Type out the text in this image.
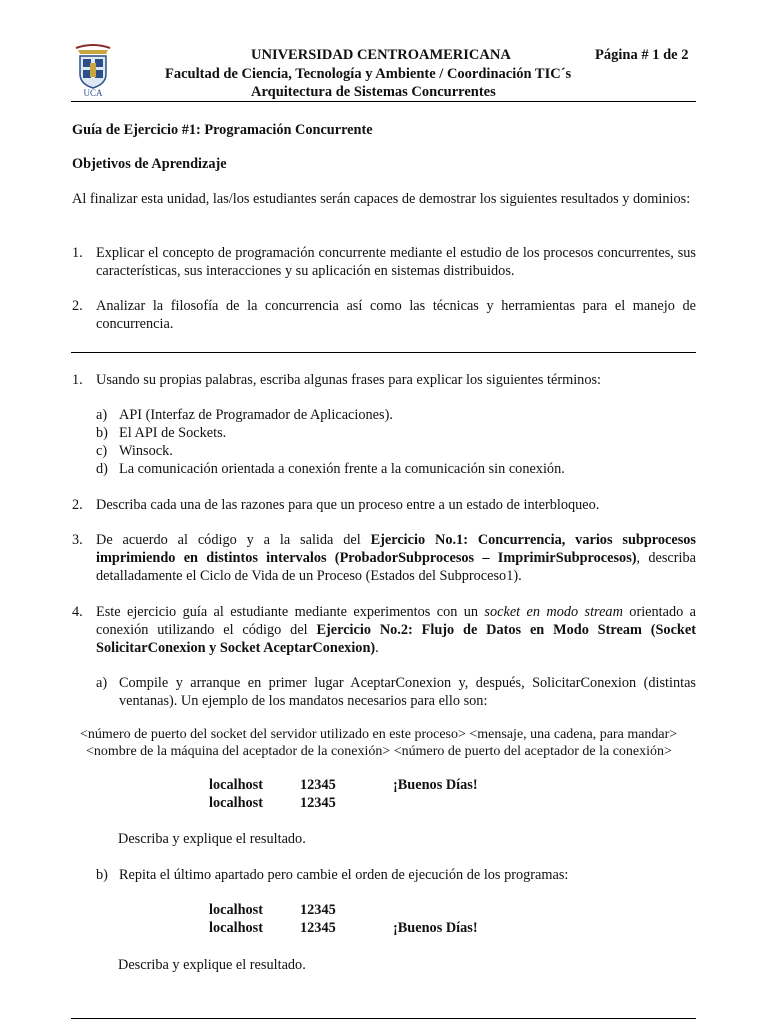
UCA
UNIVERSIDAD CENTROAMERICANA	Página # 1 de 2
Facultad de Ciencia, Tecnología y Ambiente / Coordinación TIC´s
Arquitectura de Sistemas Concurrentes
Guía de Ejercicio #1: Programación Concurrente
Objetivos de Aprendizaje
Al finalizar esta unidad, las/los estudiantes serán capaces de demostrar los siguientes resultados y dominios:
1. Explicar el concepto de programación concurrente mediante el estudio de los procesos concurrentes, sus características, sus interacciones y su aplicación en sistemas distribuidos.
2. Analizar la filosofía de la concurrencia así como las técnicas y herramientas para el manejo de concurrencia.
1. Usando su propias palabras, escriba algunas frases para explicar los siguientes términos:
a) API (Interfaz de Programador de Aplicaciones).
b) El API de Sockets.
c) Winsock.
d) La comunicación orientada a conexión frente a la comunicación sin conexión.
2. Describa cada una de las razones para que un proceso entre a un estado de interbloqueo.
3. De acuerdo al código y a la salida del Ejercicio No.1: Concurrencia, varios subprocesos imprimiendo en distintos intervalos (ProbadorSubprocesos – ImprimirSubprocesos), describa detalladamente el Ciclo de Vida de un Proceso (Estados del Subproceso1).
4. Este ejercicio guía al estudiante mediante experimentos con un socket en modo stream orientado a conexión utilizando el código del Ejercicio No.2: Flujo de Datos en Modo Stream (Socket SolicitarConexion y Socket AceptarConexion).
a) Compile y arranque en primer lugar AceptarConexion y, después, SolicitarConexion (distintas ventanas). Un ejemplo de los mandatos necesarios para ello son:
<número de puerto del socket del servidor utilizado en este proceso> <mensaje, una cadena, para mandar>
<nombre de la máquina del aceptador de la conexión> <número de puerto del aceptador de la conexión>
localhost	12345	¡Buenos Días!
localhost	12345
Describa y explique el resultado.
b) Repita el último apartado pero cambie el orden de ejecución de los programas:
localhost	12345
localhost	12345	¡Buenos Días!
Describa y explique el resultado.
